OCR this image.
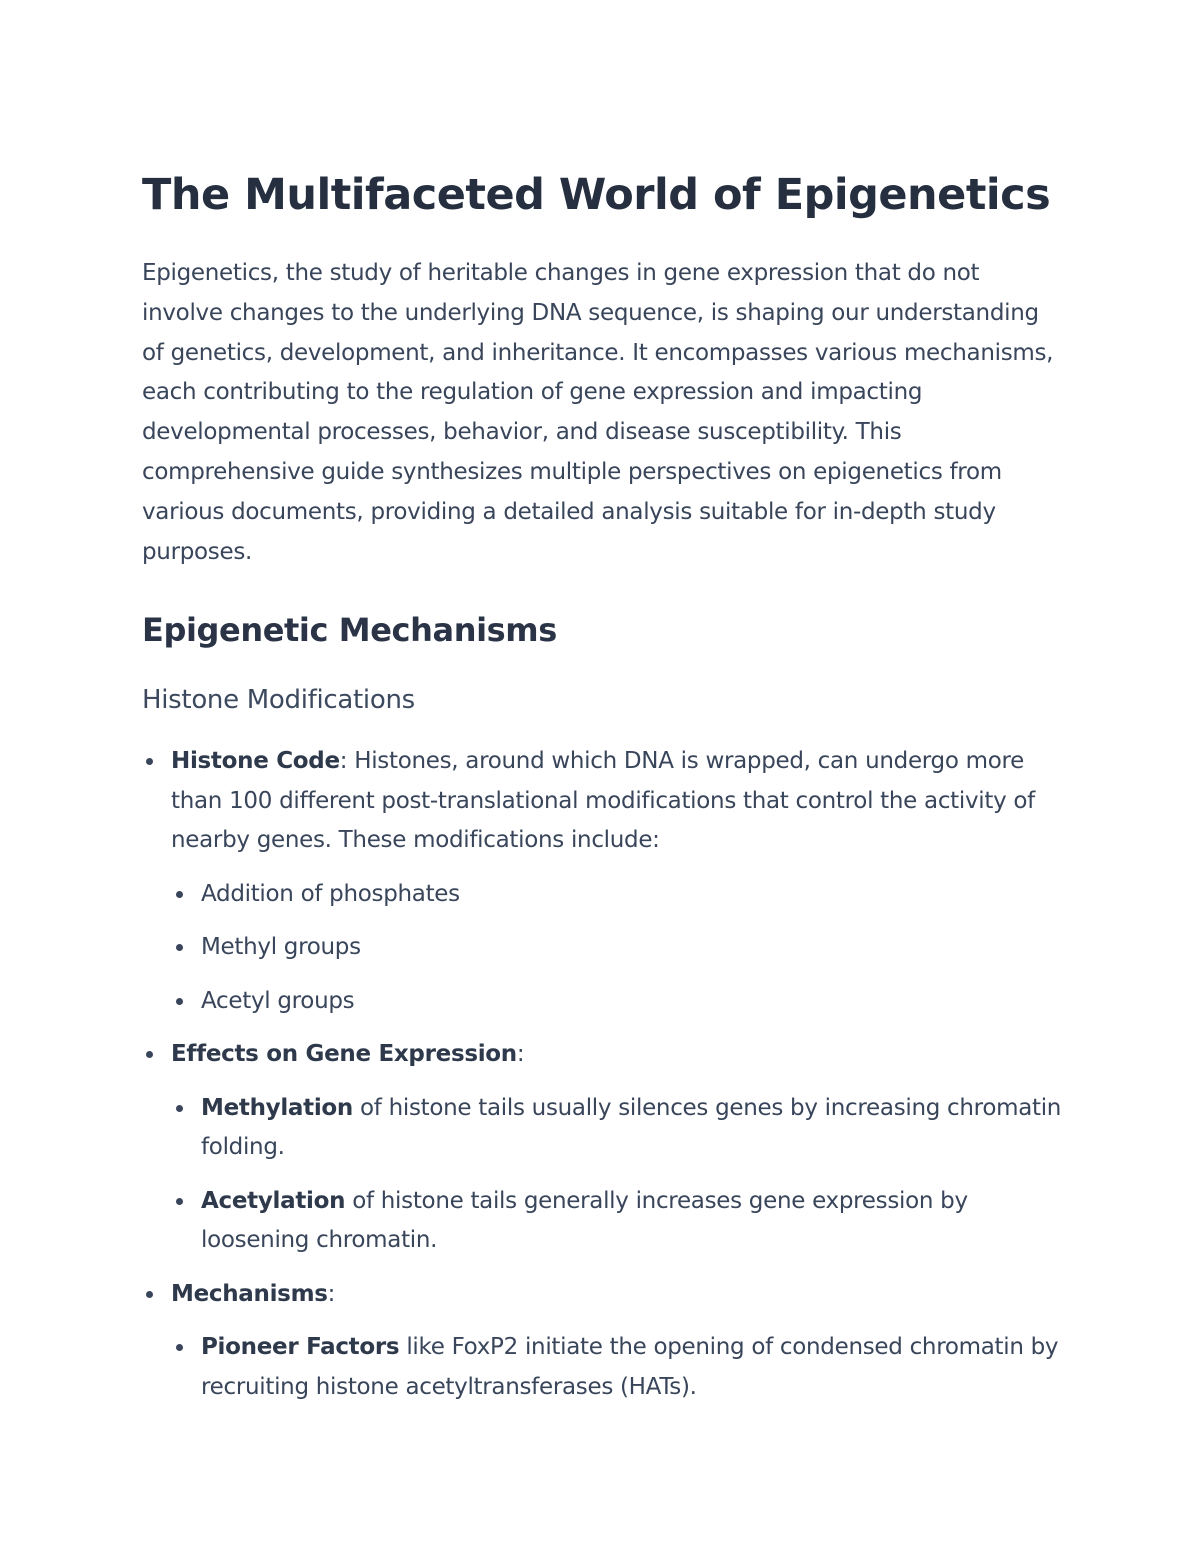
The Multifaceted World of Epigenetics

Epigenetics, the study of heritable changes in gene expression that do not involve changes to the underlying DNA sequence, is shaping our understanding of genetics, development, and inheritance. It encompasses various mechanisms, each contributing to the regulation of gene expression and impacting developmental processes, behavior, and disease susceptibility. This comprehensive guide synthesizes multiple perspectives on epigenetics from various documents, providing a detailed analysis suitable for in-depth study purposes.

Epigenetic Mechanisms
Histone Modifications
Histone Code: Histones, around which DNA is wrapped, can undergo more than 100 different post-translational modifications that control the activity of nearby genes. These modifications include:
Addition of phosphates
Methyl groups
Acetyl groups
Effects on Gene Expression:
Methylation of histone tails usually silences genes by increasing chromatin folding.
Acetylation of histone tails generally increases gene expression by loosening chromatin.
Mechanisms:
Pioneer Factors like FoxP2 initiate the opening of condensed chromatin by recruiting histone acetyltransferases (HATs).
